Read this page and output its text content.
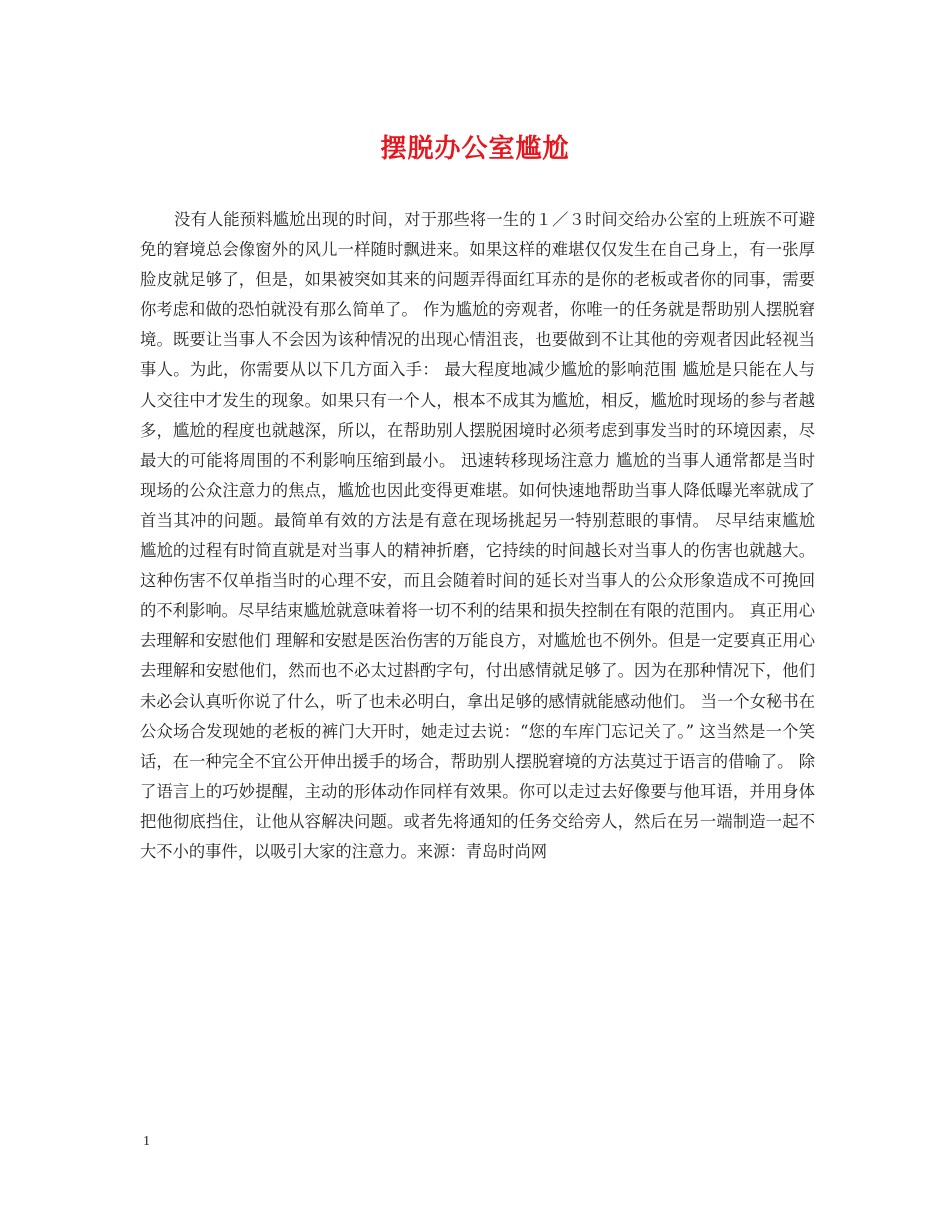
摆脱办公室尴尬

没有人能预料尴尬出现的时间，对于那些将一生的１／３时间交给办公室的上班族不可避免的窘境总会像窗外的风儿一样随时飘进来。如果这样的难堪仅仅发生在自己身上，有一张厚脸皮就足够了，但是，如果被突如其来的问题弄得面红耳赤的是你的老板或者你的同事，需要你考虑和做的恐怕就没有那么简单了。 作为尴尬的旁观者，你唯一的任务就是帮助别人摆脱窘境。既要让当事人不会因为该种情况的出现心情沮丧，也要做到不让其他的旁观者因此轻视当事人。为此，你需要从以下几方面入手： 最大程度地减少尴尬的影响范围 尴尬是只能在人与人交往中才发生的现象。如果只有一个人，根本不成其为尴尬，相反，尴尬时现场的参与者越多，尴尬的程度也就越深，所以，在帮助别人摆脱困境时必须考虑到事发当时的环境因素，尽最大的可能将周围的不利影响压缩到最小。 迅速转移现场注意力 尴尬的当事人通常都是当时现场的公众注意力的焦点，尴尬也因此变得更难堪。如何快速地帮助当事人降低曝光率就成了首当其冲的问题。最简单有效的方法是有意在现场挑起另一特别惹眼的事情。 尽早结束尴尬 尴尬的过程有时简直就是对当事人的精神折磨，它持续的时间越长对当事人的伤害也就越大。这种伤害不仅单指当时的心理不安，而且会随着时间的延长对当事人的公众形象造成不可挽回的不利影响。尽早结束尴尬就意味着将一切不利的结果和损失控制在有限的范围内。 真正用心去理解和安慰他们 理解和安慰是医治伤害的万能良方，对尴尬也不例外。但是一定要真正用心去理解和安慰他们，然而也不必太过斟酌字句，付出感情就足够了。因为在那种情况下，他们未必会认真听你说了什么，听了也未必明白，拿出足够的感情就能感动他们。 当一个女秘书在公众场合发现她的老板的裤门大开时，她走过去说：“您的车库门忘记关了。” 这当然是一个笑话，在一种完全不宜公开伸出援手的场合，帮助别人摆脱窘境的方法莫过于语言的借喻了。 除了语言上的巧妙提醒，主动的形体动作同样有效果。你可以走过去好像要与他耳语，并用身体把他彻底挡住，让他从容解决问题。或者先将通知的任务交给旁人，然后在另一端制造一起不大不小的事件，以吸引大家的注意力。来源：青岛时尚网

1
